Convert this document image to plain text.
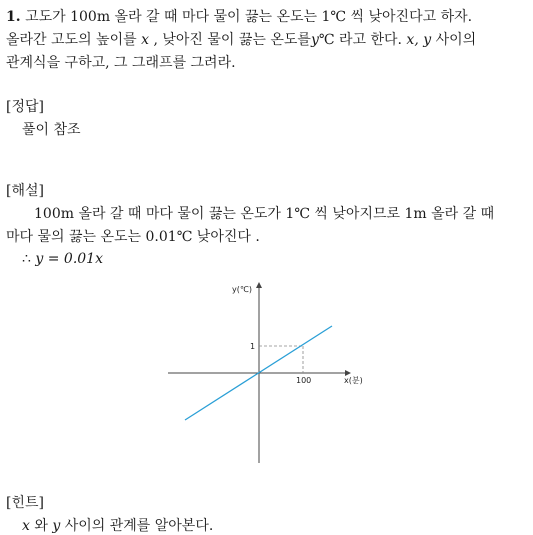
1. 고도가 100m 올라 갈 때 마다 물이 끓는 온도는 1℃ 씩 낮아진다고 하자.
올라간 고도의 높이를 x , 낮아진 물이 끓는 온도를y℃ 라고 한다. x, y 사이의
관계식을 구하고, 그 그래프를 그려라.
[정답]
풀이 참조
[해설]
100m 올라 갈 때 마다 물이 끓는 온도가 1℃ 씩 낮아지므로 1m 올라 갈 때
마다 물의 끓는 온도는 0.01℃ 낮아진다 .
∴ y = 0.01x
y(℃)
x(분)
100
1
[힌트]
x 와 y 사이의 관계를 알아본다.
